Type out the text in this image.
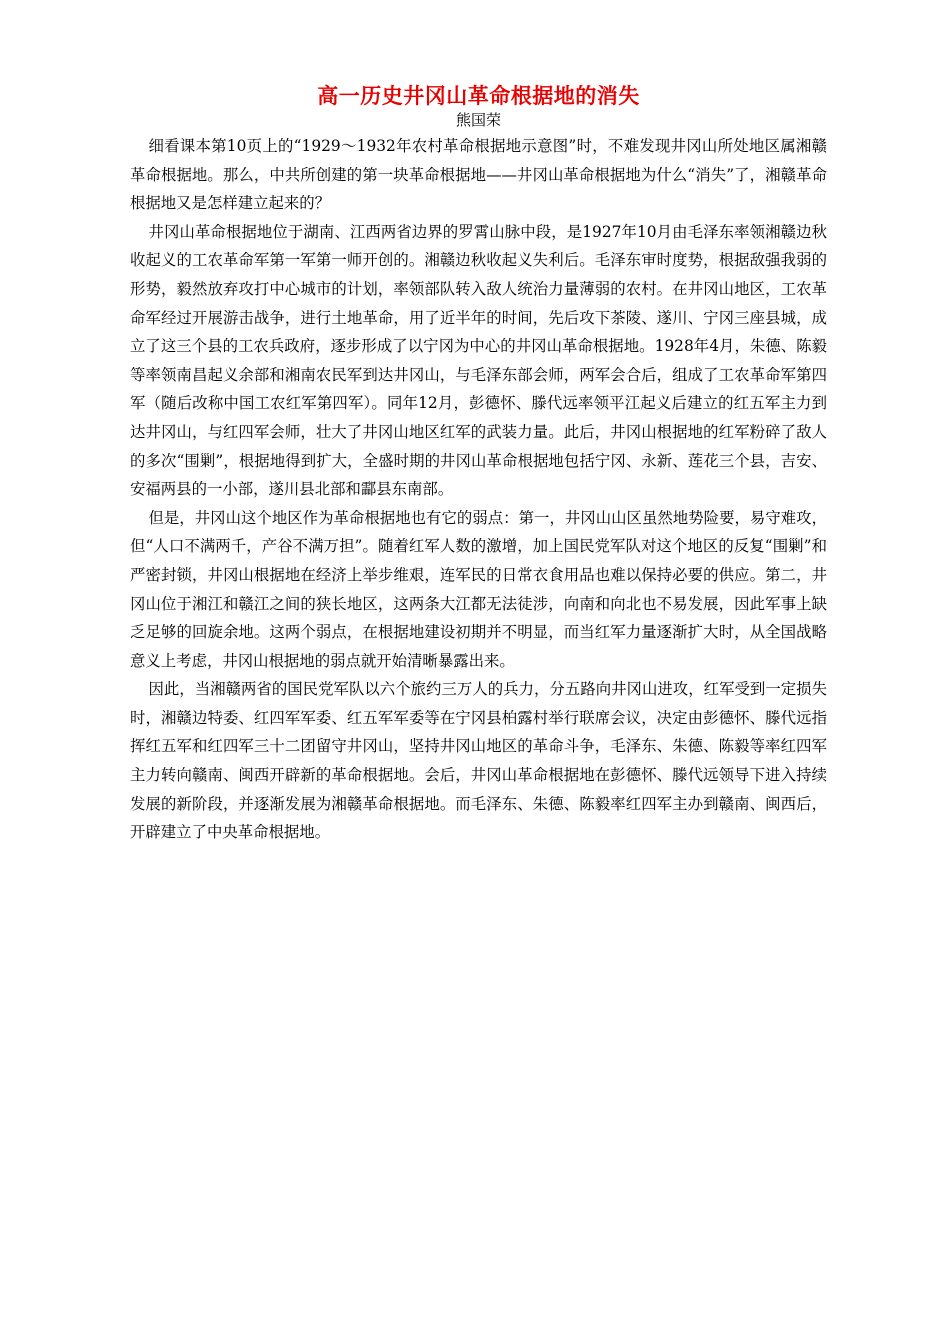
高一历史井冈山革命根据地的消失

熊国荣

细看课本第10页上的“1929～1932年农村革命根据地示意图”时，不难发现井冈山所处地区属湘赣革命根据地。那么，中共所创建的第一块革命根据地——井冈山革命根据地为什么“消失”了，湘赣革命根据地又是怎样建立起来的？

井冈山革命根据地位于湖南、江西两省边界的罗霄山脉中段，是1927年10月由毛泽东率领湘赣边秋收起义的工农革命军第一军第一师开创的。湘赣边秋收起义失利后。毛泽东审时度势，根据敌强我弱的形势，毅然放弃攻打中心城市的计划，率领部队转入敌人统治力量薄弱的农村。在井冈山地区，工农革命军经过开展游击战争，进行土地革命，用了近半年的时间，先后攻下茶陵、遂川、宁冈三座县城，成立了这三个县的工农兵政府，逐步形成了以宁冈为中心的井冈山革命根据地。1928年4月，朱德、陈毅等率领南昌起义余部和湘南农民军到达井冈山，与毛泽东部会师，两军会合后，组成了工农革命军第四军（随后改称中国工农红军第四军）。同年12月，彭德怀、滕代远率领平江起义后建立的红五军主力到达井冈山，与红四军会师，壮大了井冈山地区红军的武装力量。此后，井冈山根据地的红军粉碎了敌人的多次“围剿”，根据地得到扩大，全盛时期的井冈山革命根据地包括宁冈、永新、莲花三个县，吉安、安福两县的一小部，遂川县北部和酃县东南部。

但是，井冈山这个地区作为革命根据地也有它的弱点：第一，井冈山山区虽然地势险要，易守难攻，但“人口不满两千，产谷不满万担”。随着红军人数的激增，加上国民党军队对这个地区的反复“围剿”和严密封锁，井冈山根据地在经济上举步维艰，连军民的日常衣食用品也难以保持必要的供应。第二，井冈山位于湘江和赣江之间的狭长地区，这两条大江都无法徒涉，向南和向北也不易发展，因此军事上缺乏足够的回旋余地。这两个弱点，在根据地建设初期并不明显，而当红军力量逐渐扩大时，从全国战略意义上考虑，井冈山根据地的弱点就开始清晰暴露出来。

因此，当湘赣两省的国民党军队以六个旅约三万人的兵力，分五路向井冈山进攻，红军受到一定损失时，湘赣边特委、红四军军委、红五军军委等在宁冈县柏露村举行联席会议，决定由彭德怀、滕代远指挥红五军和红四军三十二团留守井冈山，坚持井冈山地区的革命斗争，毛泽东、朱德、陈毅等率红四军主力转向赣南、闽西开辟新的革命根据地。会后，井冈山革命根据地在彭德怀、滕代远领导下进入持续发展的新阶段，并逐渐发展为湘赣革命根据地。而毛泽东、朱德、陈毅率红四军主办到赣南、闽西后，开辟建立了中央革命根据地。
